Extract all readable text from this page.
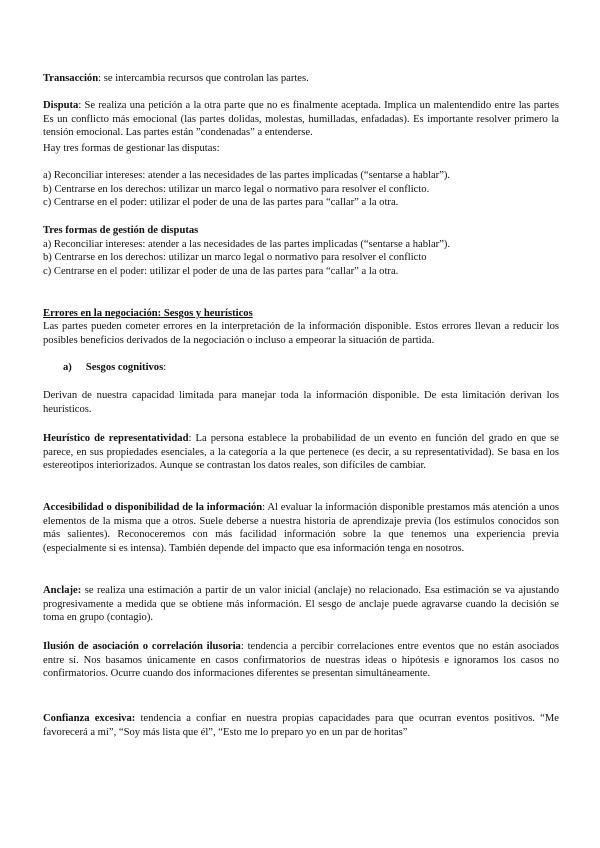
Transacción: se intercambia recursos que controlan las partes.

Disputa: Se realiza una petición a la otra parte que no es finalmente aceptada. Implica un malentendido entre las partes Es un conflicto más emocional (las partes dolidas, molestas, humilladas, enfadadas). Es importante resolver primero la tensión emocional. Las partes están ”condenadas” a entenderse.

Hay tres formas de gestionar las disputas:

a) Reconciliar intereses: atender a las necesidades de las partes implicadas (“sentarse a hablar”).
b) Centrarse en los derechos: utilizar un marco legal o normativo para resolver el conflicto.
c) Centrarse en el poder: utilizar el poder de una de las partes para “callar” a la otra.
Tres formas de gestión de disputas
a) Reconciliar intereses: atender a las necesidades de las partes implicadas (“sentarse a hablar”).
b) Centrarse en los derechos: utilizar un marco legal o normativo para resolver el conflicto
c) Centrarse en el poder: utilizar el poder de una de las partes para “callar” a la otra.
Errores en la negociación: Sesgos y heurísticos

Las partes pueden cometer errores en la interpretación de la información disponible. Estos errores llevan a reducir los posibles beneficios derivados de la negociación o incluso a empeorar la situación de partida.

a) Sesgos cognitivos:

Derivan de nuestra capacidad limitada para manejar toda la información disponible. De esta limitación derivan los heurísticos.

Heurístico de representatividad: La persona establece la probabilidad de un evento en función del grado en que se parece, en sus propiedades esenciales, a la categoría a la que pertenece (es decir, a su representatividad). Se basa en los estereotipos interiorizados. Aunque se contrastan los datos reales, son difíciles de cambiar.

Accesibilidad o disponibilidad de la información: Al evaluar la información disponible prestamos más atención a unos elementos de la misma que a otros. Suele deberse a nuestra historia de aprendizaje previa (los estímulos conocidos son más salientes). Reconoceremos con más facilidad información sobre la que tenemos una experiencia previa (especialmente si es intensa). También depende del impacto que esa información tenga en nosotros.

Anclaje: se realiza una estimación a partir de un valor inicial (anclaje) no relacionado. Esa estimación se va ajustando progresivamente a medida que se obtiene más información. El sesgo de anclaje puede agravarse cuando la decisión se toma en grupo (contagio).

Ilusión de asociación o correlación ilusoria: tendencia a percibir correlaciones entre eventos que no están asociados entre sí. Nos basamos únicamente en casos confirmatorios de nuestras ideas o hipótesis e ignoramos los casos no confirmatorios. Ocurre cuando dos informaciones diferentes se presentan simultáneamente.

Confianza excesiva: tendencia a confiar en nuestra propias capacidades para que ocurran eventos positivos. “Me favorecerá a mí”, “Soy más lista que él”, “Esto me lo preparo yo en un par de horitas”
